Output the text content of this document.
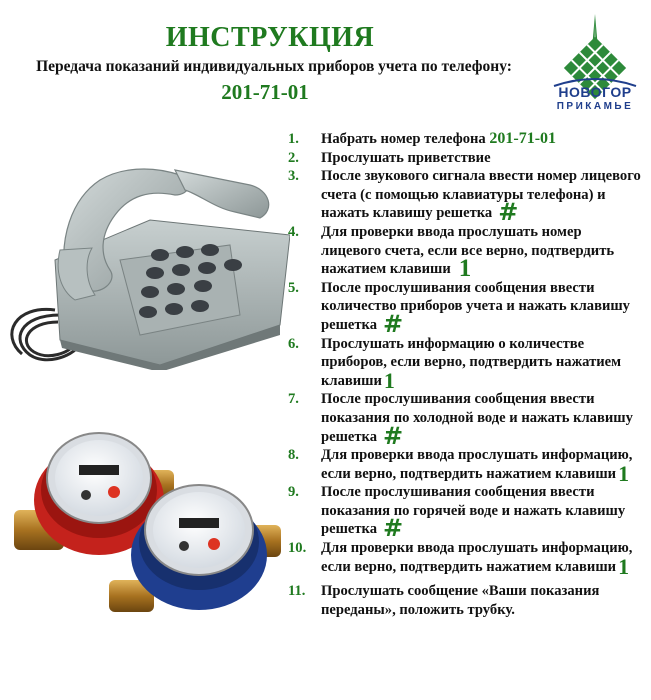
ИНСТРУКЦИЯ
Передача показаний индивидуальных приборов учета по телефону:
201-71-01	НОВОГОР
ПРИКАМЬЕ
1. Набрать номер телефона 201-71-01
2. Прослушать приветствие
3. После звукового сигнала ввести номер лицевого счета (с помощью клавиатуры телефона) и нажать клавишу решетка #
4. Для проверки ввода прослушать номер лицевого счета, если все верно, подтвердить нажатием клавиши 1
5. После прослушивания сообщения ввести количество приборов учета и нажать клавишу решетка #
6. Прослушать информацию о количестве приборов, если верно, подтвердить нажатием клавиши1
7. После прослушивания сообщения ввести показания по холодной воде и нажать клавишу решетка #
8. Для проверки ввода прослушать информацию, если верно, подтвердить нажатием клавиши1
9. После прослушивания сообщения ввести показания по горячей воде и нажать клавишу решетка #
10. Для проверки ввода прослушать информацию, если верно, подтвердить нажатием клавиши1
11. Прослушать сообщение «Ваши показания переданы», положить трубку.
